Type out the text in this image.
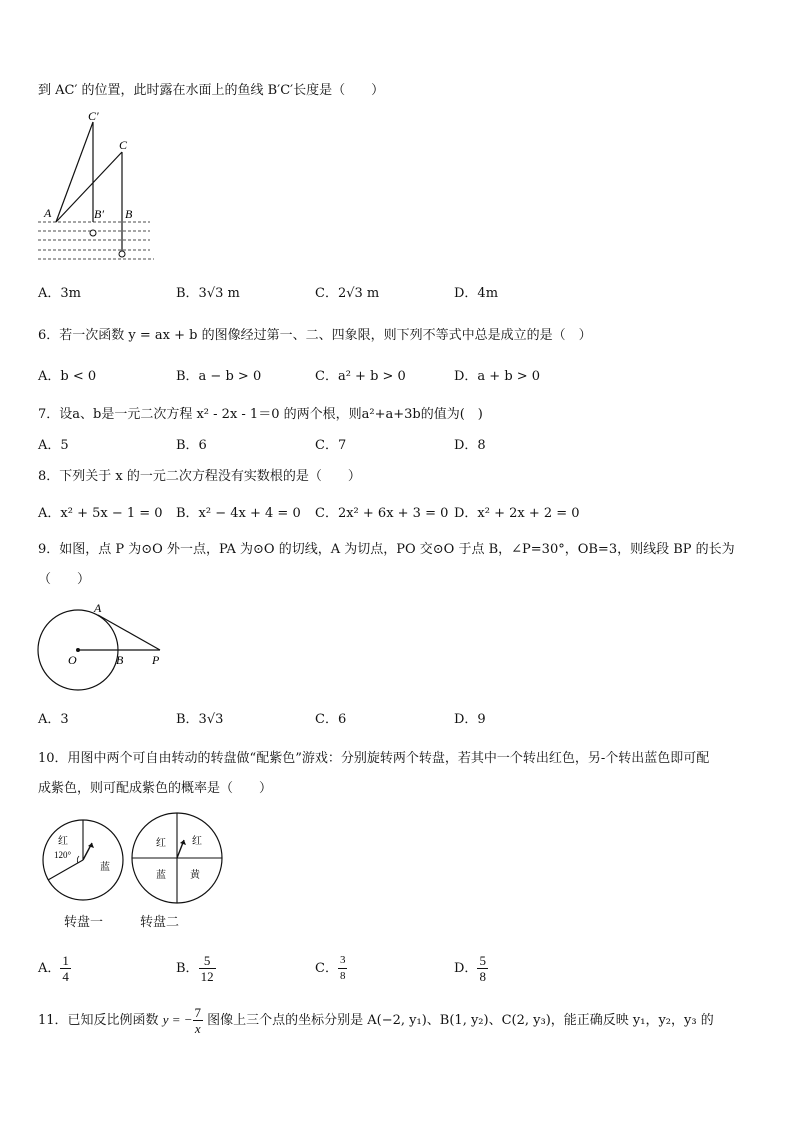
到 AC′ 的位置，此时露在水面上的鱼线 B′C′长度是（　　）
C′
C
A	B′ B
A．3m	B．3√3 m	C．2√3 m	D．4m
6．若一次函数 y = ax + b 的图像经过第一、二、四象限，则下列不等式中总是成立的是（　）
A．b < 0	B．a − b > 0	C．a² + b > 0	D．a + b > 0
7．设a、b是一元二次方程 x² - 2x - 1＝0 的两个根，则a²+a+3b的值为(　)
A．5	B．6	C．7	D．8
8．下列关于 x 的一元二次方程没有实数根的是（　　）
A．x² + 5x − 1 = 0 B．x² − 4x + 4 = 0 C．2x² + 6x + 3 = 0 D．x² + 2x + 2 = 0
9．如图，点 P 为⊙O 外一点，PA 为⊙O 的切线，A 为切点，PO 交⊙O 于点 B，∠P=30°，OB=3，则线段 BP 的长为
（　　）
A
O	B P
A．3	B．3√3	C．6	D．9
10．用图中两个可自由转动的转盘做“配紫色”游戏：分别旋转两个转盘，若其中一个转出红色，另-个转出蓝色即可配
成紫色，则可配成紫色的概率是（　　）
红
120°
蓝
转盘一
红	红
蓝 黄
转盘二
A． $\frac{1}{4}$	B． $\frac{5}{12}$	C． $\frac{3}{8}$	D． $\frac{5}{8}$
11．已知反比例函数 y = − $\frac{7}{x}$ 图像上三个点的坐标分别是 A(−2, y₁)、B(1, y₂)、C(2, y₃)，能正确反映 y₁，y₂，y₃ 的
